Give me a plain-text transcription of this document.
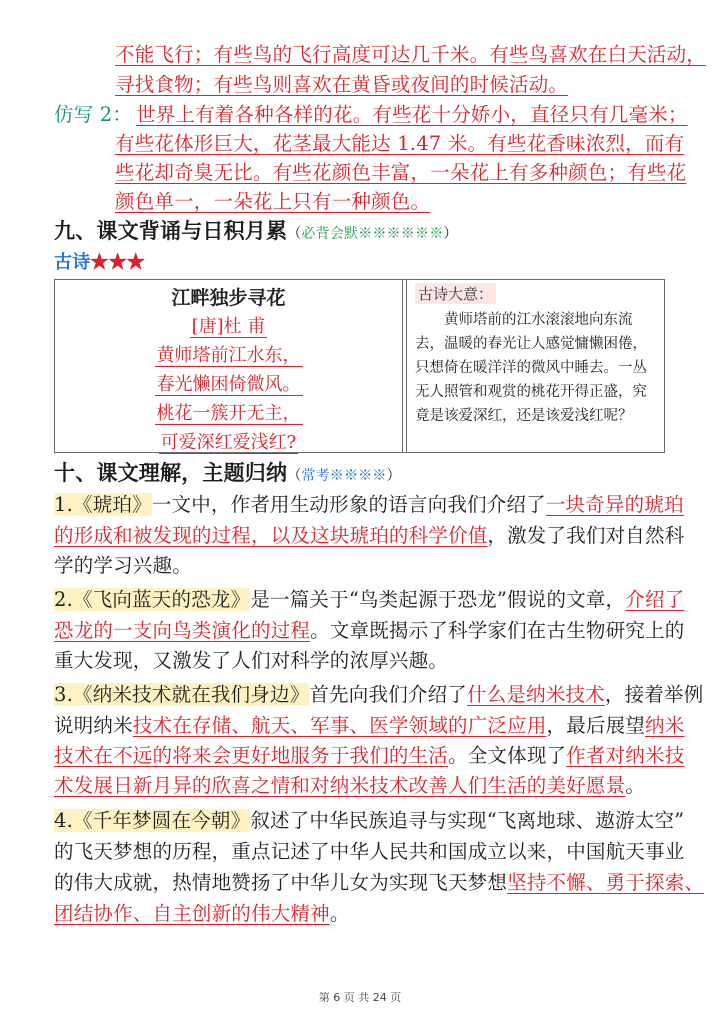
不能飞行；有些鸟的飞行高度可达几千米。有些鸟喜欢在白天活动，
寻找食物；有些鸟则喜欢在黄昏或夜间的时候活动。
仿写 2： 世界上有着各种各样的花。有些花十分娇小，直径只有几毫米；
有些花体形巨大，花茎最大能达 1.47 米。有些花香味浓烈，而有
些花却奇臭无比。有些花颜色丰富，一朵花上有多种颜色；有些花
颜色单一，一朵花上只有一种颜色。
九、课文背诵与日积月累（必背会默※※※※※※）
古诗★★★
江畔独步寻花
[唐]杜 甫
黄师塔前江水东，
春光懒困倚微风。
桃花一簇开无主，
可爱深红爱浅红?
古诗大意：

黄师塔前的江水滚滚地向东流去，温暖的春光让人感觉慵懒困倦，只想倚在暖洋洋的微风中睡去。一丛无人照管和观赏的桃花开得正盛，究竟是该爱深红，还是该爱浅红呢？

十、课文理解，主题归纳（常考※※※※）
1.《琥珀》一文中，作者用生动形象的语言向我们介绍了一块奇异的琥珀
的形成和被发现的过程，以及这块琥珀的科学价值，激发了我们对自然科
学的学习兴趣。
2.《飞向蓝天的恐龙》是一篇关于“鸟类起源于恐龙”假说的文章，介绍了
恐龙的一支向鸟类演化的过程。文章既揭示了科学家们在古生物研究上的
重大发现，又激发了人们对科学的浓厚兴趣。
3.《纳米技术就在我们身边》首先向我们介绍了什么是纳米技术，接着举例
说明纳米技术在存储、航天、军事、医学领域的广泛应用，最后展望纳米
技术在不远的将来会更好地服务于我们的生活。全文体现了作者对纳米技
术发展日新月异的欣喜之情和对纳米技术改善人们生活的美好愿景。
4.《千年梦圆在今朝》叙述了中华民族追寻与实现“飞离地球、遨游太空”
的飞天梦想的历程，重点记述了中华人民共和国成立以来，中国航天事业
的伟大成就，热情地赞扬了中华儿女为实现飞天梦想坚持不懈、勇于探索、
团结协作、自主创新的伟大精神。
第 6 页 共 24 页
